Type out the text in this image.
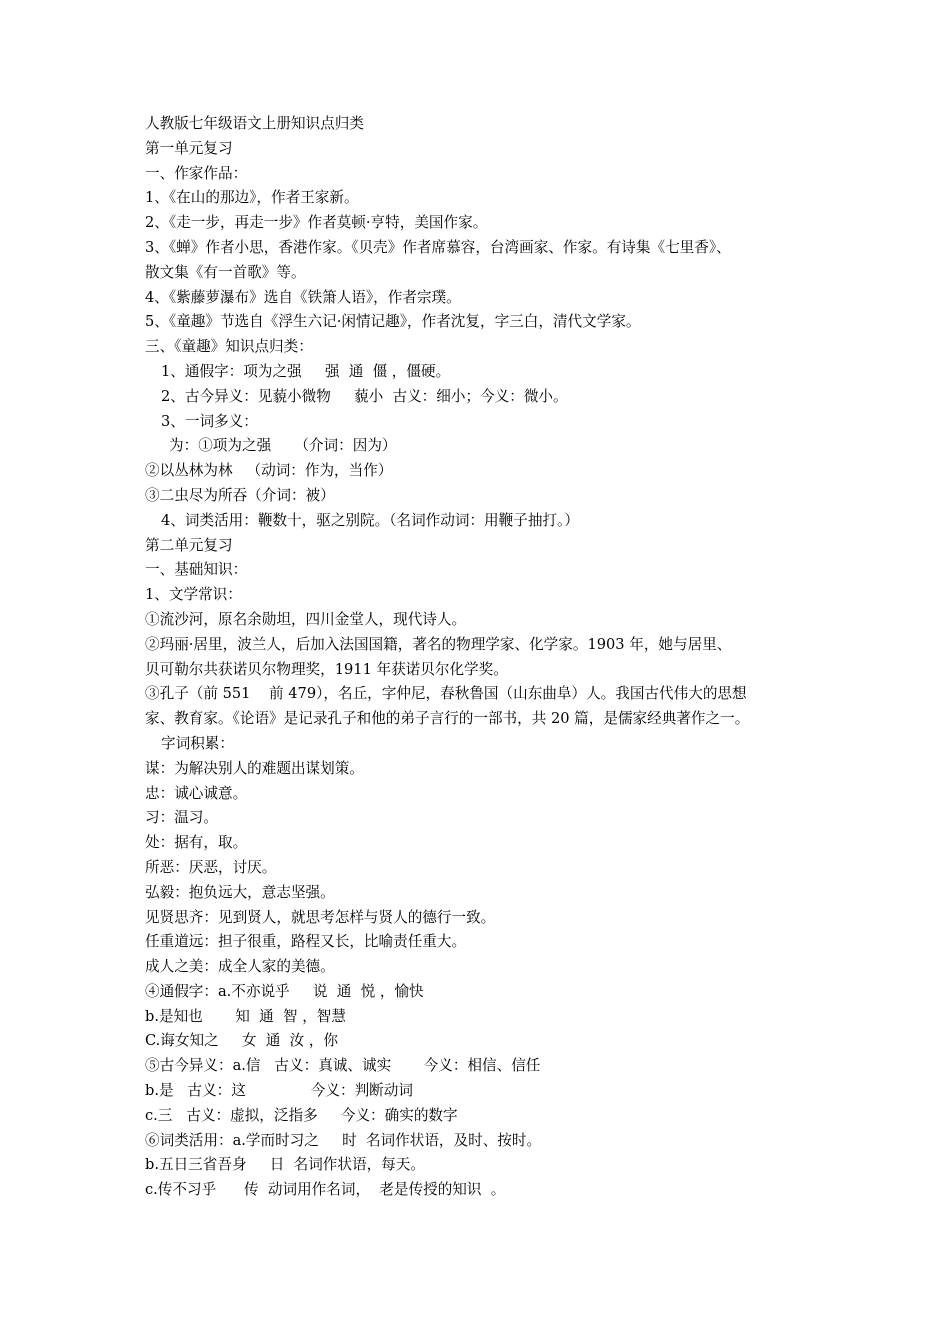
人教版七年级语文上册知识点归类
第一单元复习
一、作家作品：
1、《在山的那边》，作者王家新。
2、《走一步，再走一步》作者莫顿·亨特，美国作家。
3、《蝉》作者小思，香港作家。《贝壳》作者席慕容，台湾画家、作家。有诗集《七里香》、
散文集《有一首歌》等。
4、《紫藤萝瀑布》选自《铁箫人语》，作者宗璞。
5、《童趣》节选自《浮生六记·闲情记趣》，作者沈复，字三白，清代文学家。
三、《童趣》知识点归类：
1、通假字：项为之强     强  通  僵 ，僵硬。
2、古今异义：见藐小微物     藐小  古义：细小；今义：微小。
3、一词多义：
为：①项为之强     （介词：因为）
②以丛林为林   （动词：作为，当作）
③二虫尽为所吞（介词：被）
4、词类活用：鞭数十，驱之别院。（名词作动词：用鞭子抽打。）
第二单元复习
一、基础知识：
1、文学常识：
①流沙河，原名余勋坦，四川金堂人，现代诗人。
②玛丽·居里，波兰人，后加入法国国籍，著名的物理学家、化学家。1903 年，她与居里、
贝可勒尔共获诺贝尔物理奖，1911 年获诺贝尔化学奖。
③孔子（前 551    前 479），名丘，字仲尼，春秋鲁国（山东曲阜）人。我国古代伟大的思想
家、教育家。《论语》是记录孔子和他的弟子言行的一部书，共 20 篇，是儒家经典著作之一。
字词积累：
谋：为解决别人的难题出谋划策。
忠：诚心诚意。
习：温习。
处：据有，取。
所恶：厌恶，讨厌。
弘毅：抱负远大，意志坚强。
见贤思齐：见到贤人，就思考怎样与贤人的德行一致。
任重道远：担子很重，路程又长，比喻责任重大。
成人之美：成全人家的美德。
④通假字：a.不亦说乎     说  通  悦 ，愉快
b.是知也       知  通  智 ，智慧
C.诲女知之     女  通  汝 ，你
⑤古今异义：a.信   古义：真诚、诚实       今义：相信、信任
b.是   古义：这              今义：判断动词
c.三   古义：虚拟，泛指多     今义：确实的数字
⑥词类活用：a.学而时习之     时  名词作状语，及时、按时。
b.五日三省吾身     日  名词作状语，每天。
c.传不习乎      传  动词用作名词，  老是传授的知识  。
